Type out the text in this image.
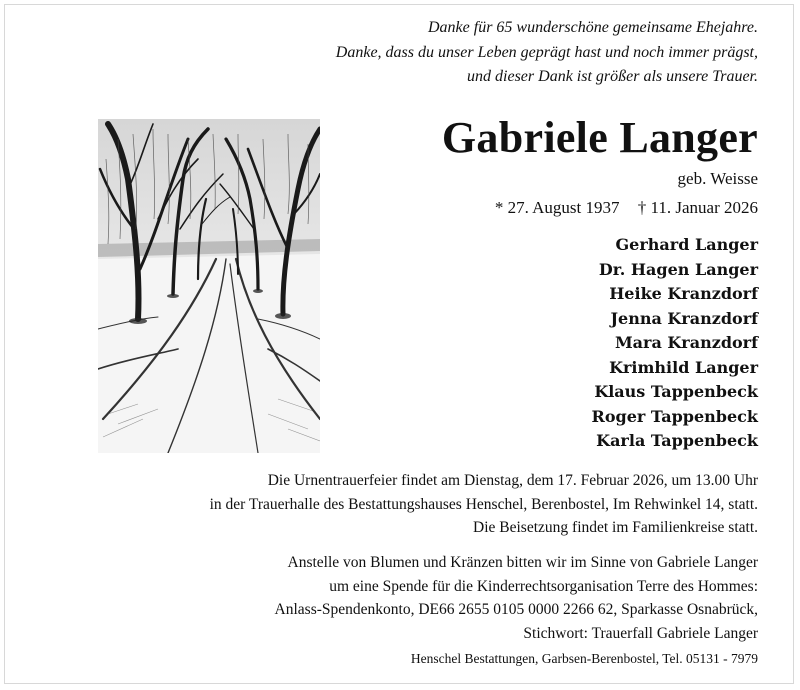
Danke für 65 wunderschöne gemeinsame Ehejahre.
Danke, dass du unser Leben geprägt hast und noch immer prägst,
und dieser Dank ist größer als unsere Trauer.
Gabriele Langer
geb. Weisse
* 27. August 1937 † 11. Januar 2026
Gerhard Langer
Dr. Hagen Langer
Heike Kranzdorf
Jenna Kranzdorf
Mara Kranzdorf
Krimhild Langer
Klaus Tappenbeck
Roger Tappenbeck
Karla Tappenbeck
Die Urnentrauerfeier findet am Dienstag, dem 17. Februar 2026, um 13.00 Uhr
in der Trauerhalle des Bestattungshauses Henschel, Berenbostel, Im Rehwinkel 14, statt.
Die Beisetzung findet im Familienkreise statt.
Anstelle von Blumen und Kränzen bitten wir im Sinne von Gabriele Langer
um eine Spende für die Kinderrechtsorganisation Terre des Hommes:
Anlass-Spendenkonto, DE66 2655 0105 0000 2266 62, Sparkasse Osnabrück,
Stichwort: Trauerfall Gabriele Langer
Henschel Bestattungen, Garbsen-Berenbostel, Tel. 05131 - 7979
